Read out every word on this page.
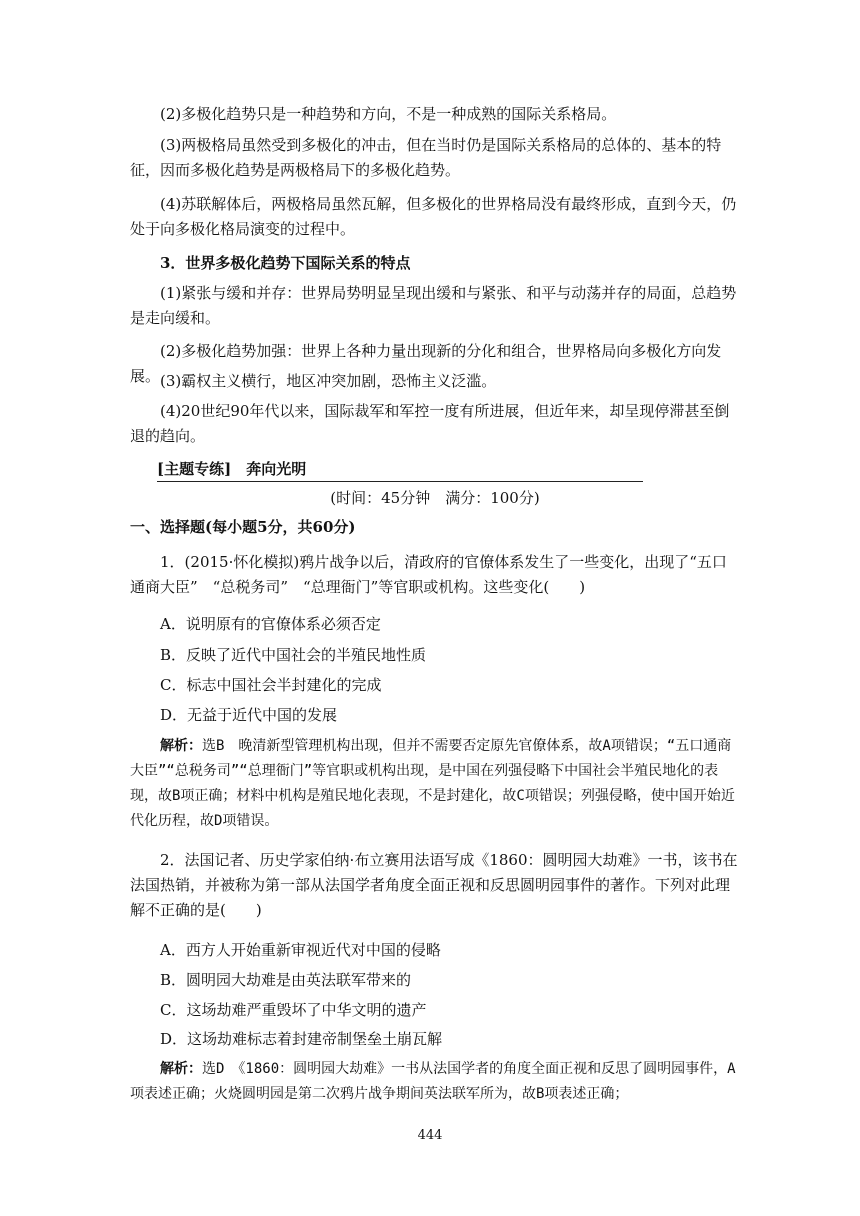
(2)多极化趋势只是一种趋势和方向，不是一种成熟的国际关系格局。

(3)两极格局虽然受到多极化的冲击，但在当时仍是国际关系格局的总体的、基本的特征，因而多极化趋势是两极格局下的多极化趋势。

(4)苏联解体后，两极格局虽然瓦解，但多极化的世界格局没有最终形成，直到今天，仍处于向多极化格局演变的过程中。

3．世界多极化趋势下国际关系的特点

(1)紧张与缓和并存：世界局势明显呈现出缓和与紧张、和平与动荡并存的局面，总趋势是走向缓和。

(2)多极化趋势加强：世界上各种力量出现新的分化和组合，世界格局向多极化方向发展。 (3)霸权主义横行，地区冲突加剧，恐怖主义泛滥。

(4)20世纪90年代以来，国际裁军和军控一度有所进展，但近年来，却呈现停滞甚至倒退的趋向。

[主题专练]　奔向光明

(时间：45分钟　满分：100分)

一、选择题(每小题5分，共60分)

1．(2015·怀化模拟)鸦片战争以后，清政府的官僚体系发生了一些变化，出现了“五口通商大臣”　“总税务司”　“总理衙门”等官职或机构。这些变化(　　)

A．说明原有的官僚体系必须否定

B．反映了近代中国社会的半殖民地性质

C．标志中国社会半封建化的完成

D．无益于近代中国的发展

解析：选B　晚清新型管理机构出现，但并不需要否定原先官僚体系，故A项错误；“五口通商大臣”“总税务司”“总理衙门”等官职或机构出现，是中国在列强侵略下中国社会半殖民地化的表现，故B项正确；材料中机构是殖民地化表现，不是封建化，故C项错误；列强侵略，使中国开始近代化历程，故D项错误。

2．法国记者、历史学家伯纳·布立赛用法语写成《1860：圆明园大劫难》一书，该书在法国热销，并被称为第一部从法国学者角度全面正视和反思圆明园事件的著作。下列对此理解不正确的是(　　)

A．西方人开始重新审视近代对中国的侵略

B．圆明园大劫难是由英法联军带来的

C．这场劫难严重毁坏了中华文明的遗产

D．这场劫难标志着封建帝制堡垒土崩瓦解

解析：选D　《1860：圆明园大劫难》一书从法国学者的角度全面正视和反思了圆明园事件，A项表述正确；火烧圆明园是第二次鸦片战争期间英法联军所为，故B项表述正确；

444
